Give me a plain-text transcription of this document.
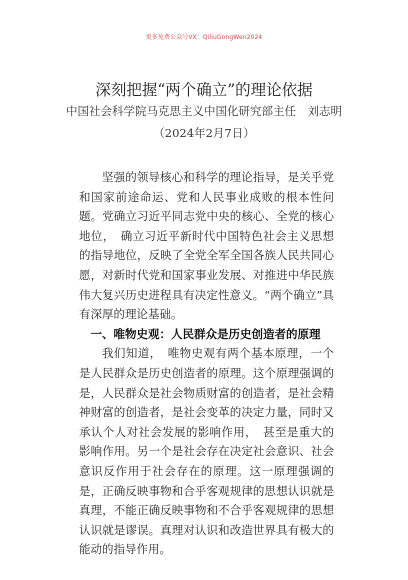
更多免费公众号VX：QiliuGongWen2024
深刻把握“两个确立”的理论依据
中国社会科学院马克思主义中国化研究部主任　刘志明
（2024年2月7日）

坚强的领导核心和科学的理论指导，是关乎党和国家前途命运、党和人民事业成败的根本性问题。党确立习近平同志党中央的核心、全党的核心地位，　确立习近平新时代中国特色社会主义思想的指导地位，反映了全党全军全国各族人民共同心愿，对新时代党和国家事业发展、对推进中华民族伟大复兴历史进程具有决定性意义。“两个确立”具有深厚的理论基础。

一、唯物史观：人民群众是历史创造者的原理

我们知道，　唯物史观有两个基本原理，一个是人民群众是历史创造者的原理。这个原理强调的是，人民群众是社会物质财富的创造者，是社会精神财富的创造者，是社会变革的决定力量，同时又承认个人对社会发展的影响作用，　甚至是重大的影响作用。另一个是社会存在决定社会意识、社会意识反作用于社会存在的原理。这一原理强调的是，正确反映事物和合乎客观规律的思想认识就是真理，不能正确反映事物和不合乎客观规律的思想认识就是谬误。真理对认识和改造世界具有极大的能动的指导作用。
